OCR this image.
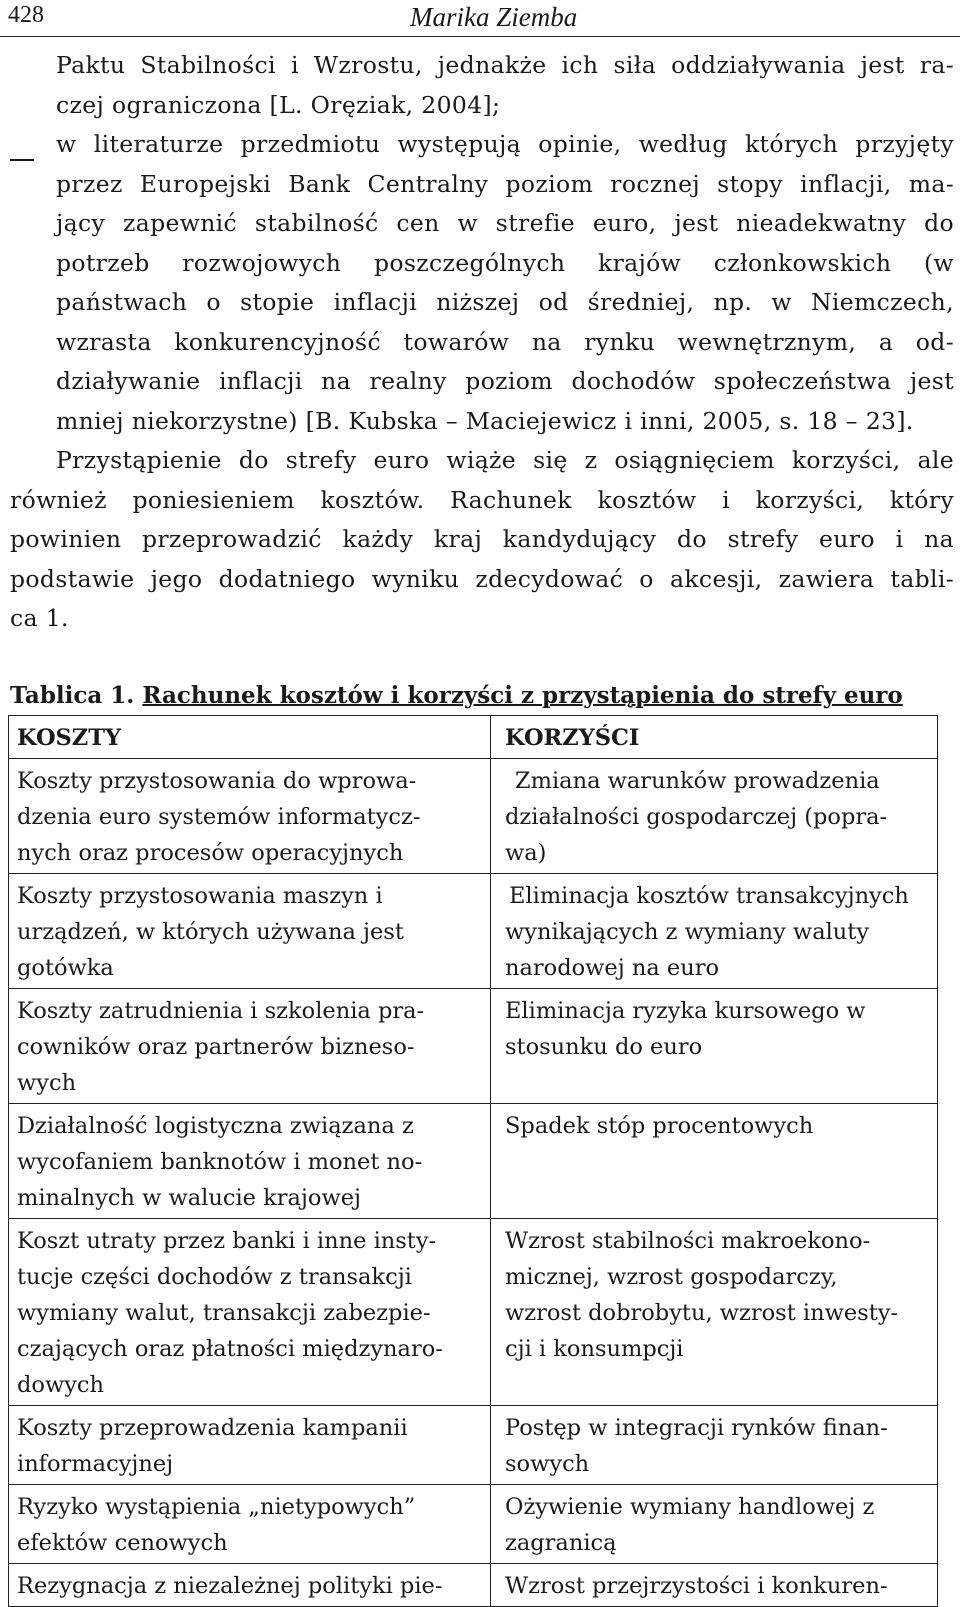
428	Marika Ziemba
Paktu Stabilności i Wzrostu, jednakże ich siła oddziaływania jest ra-
czej ograniczona [L. Oręziak, 2004];
w literaturze przedmiotu występują opinie, według których przyjęty
przez Europejski Bank Centralny poziom rocznej stopy inflacji, ma-
jący zapewnić stabilność cen w strefie euro, jest nieadekwatny do
potrzeb rozwojowych poszczególnych krajów członkowskich (w
państwach o stopie inflacji niższej od średniej, np. w Niemczech,
wzrasta konkurencyjność towarów na rynku wewnętrznym, a od-
działywanie inflacji na realny poziom dochodów społeczeństwa jest
mniej niekorzystne) [B. Kubska – Maciejewicz i inni, 2005, s. 18 – 23].
Przystąpienie do strefy euro wiąże się z osiągnięciem korzyści, ale
również poniesieniem kosztów. Rachunek kosztów i korzyści, który
powinien przeprowadzić każdy kraj kandydujący do strefy euro i na
podstawie jego dodatniego wyniku zdecydować o akcesji, zawiera tabli-
ca 1.
Tablica 1. Rachunek kosztów i korzyści z przystąpienia do strefy euro
KOSZTY	KORZYŚCI

Koszty przystosowania do wprowa-
dzenia euro systemów informatycz-
nych oraz procesów operacyjnych	Zmiana warunków prowadzenia
działalności gospodarczej (popra-
wa)

Koszty przystosowania maszyn i
urządzeń, w których używana jest
gotówka	Eliminacja kosztów transakcyjnych
wynikających z wymiany waluty
narodowej na euro

Koszty zatrudnienia i szkolenia pra-
cowników oraz partnerów bizneso-
wych	Eliminacja ryzyka kursowego w
stosunku do euro

Działalność logistyczna związana z
wycofaniem banknotów i monet no-
minalnych w walucie krajowej	Spadek stóp procentowych

Koszt utraty przez banki i inne insty-
tucje części dochodów z transakcji
wymiany walut, transakcji zabezpie-
czających oraz płatności międzynaro-
dowych	Wzrost stabilności makroekono-
micznej, wzrost gospodarczy,
wzrost dobrobytu, wzrost inwesty-
cji i konsumpcji

Koszty przeprowadzenia kampanii
informacyjnej	Postęp w integracji rynków finan-
sowych

Ryzyko wystąpienia „nietypowych”
efektów cenowych	Ożywienie wymiany handlowej z
zagranicą

Rezygnacja z niezależnej polityki pie-	Wzrost przejrzystości i konkuren-
